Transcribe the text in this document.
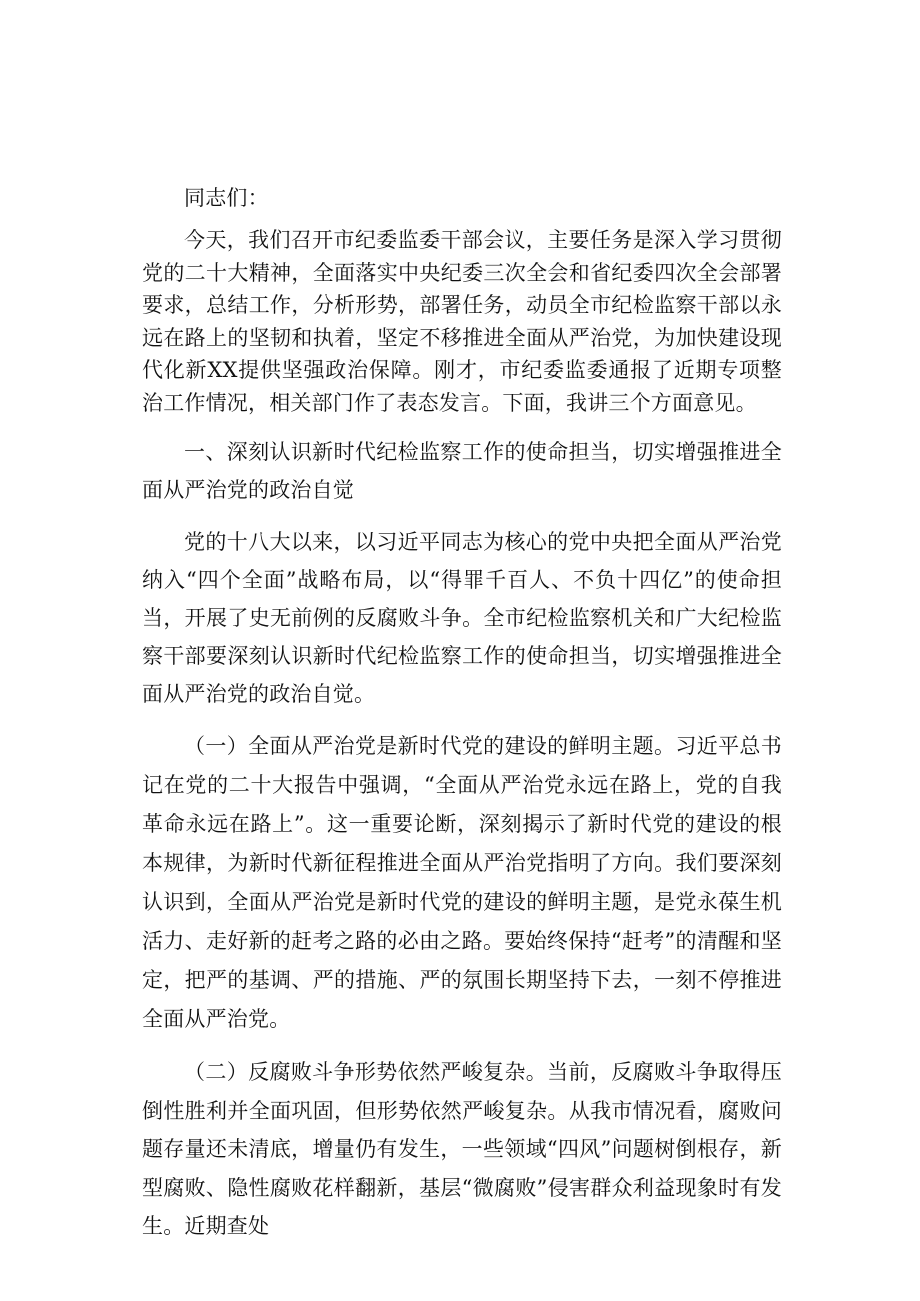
同志们：

今天，我们召开市纪委监委干部会议，主要任务是深入学习贯彻党的二十大精神，全面落实中央纪委三次全会和省纪委四次全会部署要求，总结工作，分析形势，部署任务，动员全市纪检监察干部以永远在路上的坚韧和执着，坚定不移推进全面从严治党，为加快建设现代化新XX提供坚强政治保障。刚才，市纪委监委通报了近期专项整治工作情况，相关部门作了表态发言。下面，我讲三个方面意见。

一、深刻认识新时代纪检监察工作的使命担当，切实增强推进全面从严治党的政治自觉

党的十八大以来，以习近平同志为核心的党中央把全面从严治党纳入“四个全面”战略布局，以“得罪千百人、不负十四亿”的使命担当，开展了史无前例的反腐败斗争。全市纪检监察机关和广大纪检监察干部要深刻认识新时代纪检监察工作的使命担当，切实增强推进全面从严治党的政治自觉。

（一）全面从严治党是新时代党的建设的鲜明主题。习近平总书记在党的二十大报告中强调，“全面从严治党永远在路上，党的自我革命永远在路上”。这一重要论断，深刻揭示了新时代党的建设的根本规律，为新时代新征程推进全面从严治党指明了方向。我们要深刻认识到，全面从严治党是新时代党的建设的鲜明主题，是党永葆生机活力、走好新的赶考之路的必由之路。要始终保持“赶考”的清醒和坚定，把严的基调、严的措施、严的氛围长期坚持下去，一刻不停推进全面从严治党。

（二）反腐败斗争形势依然严峻复杂。当前，反腐败斗争取得压倒性胜利并全面巩固，但形势依然严峻复杂。从我市情况看，腐败问题存量还未清底，增量仍有发生，一些领域“四风”问题树倒根存，新型腐败、隐性腐败花样翻新，基层“微腐败”侵害群众利益现象时有发生。近期查处
